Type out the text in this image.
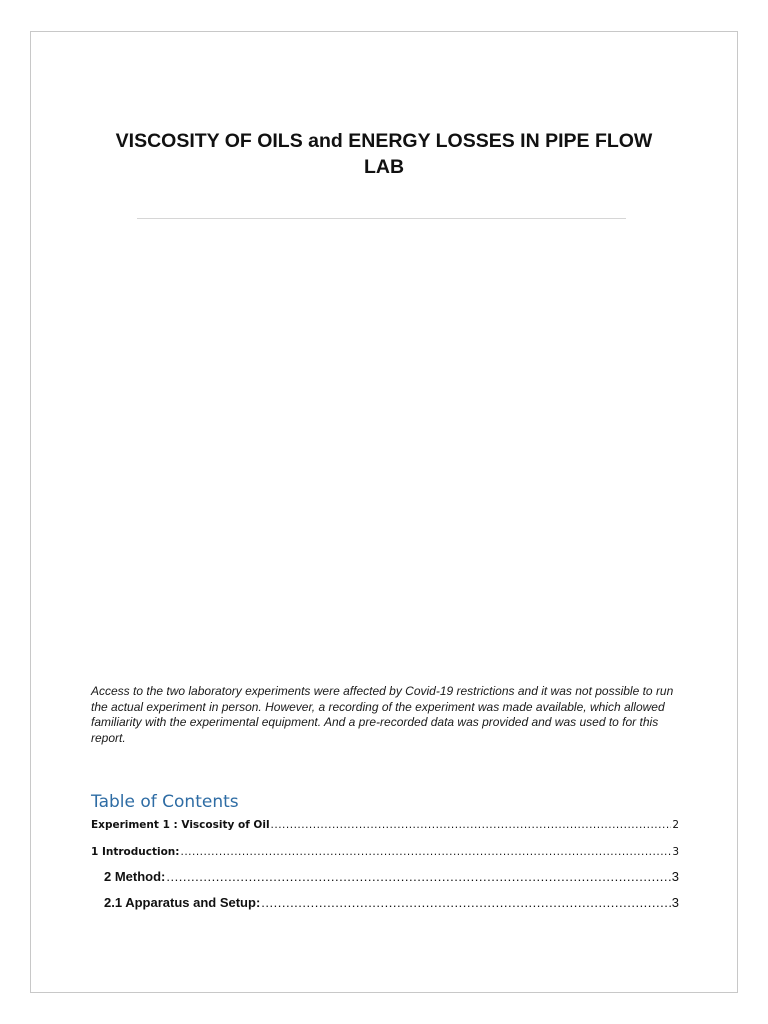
VISCOSITY OF OILS and ENERGY LOSSES IN PIPE FLOW
LAB
Access to the two laboratory experiments were affected by Covid-19 restrictions and it was not possible to run the actual experiment in person. However, a recording of the experiment was made available, which allowed familiarity with the experimental equipment. And a pre-recorded data was provided and was used to for this report.
Table of Contents
Experiment 1 : Viscosity of Oil .....	2
1 Introduction: .....	3
2 Method: .....	3
2.1 Apparatus and Setup: .....	3
